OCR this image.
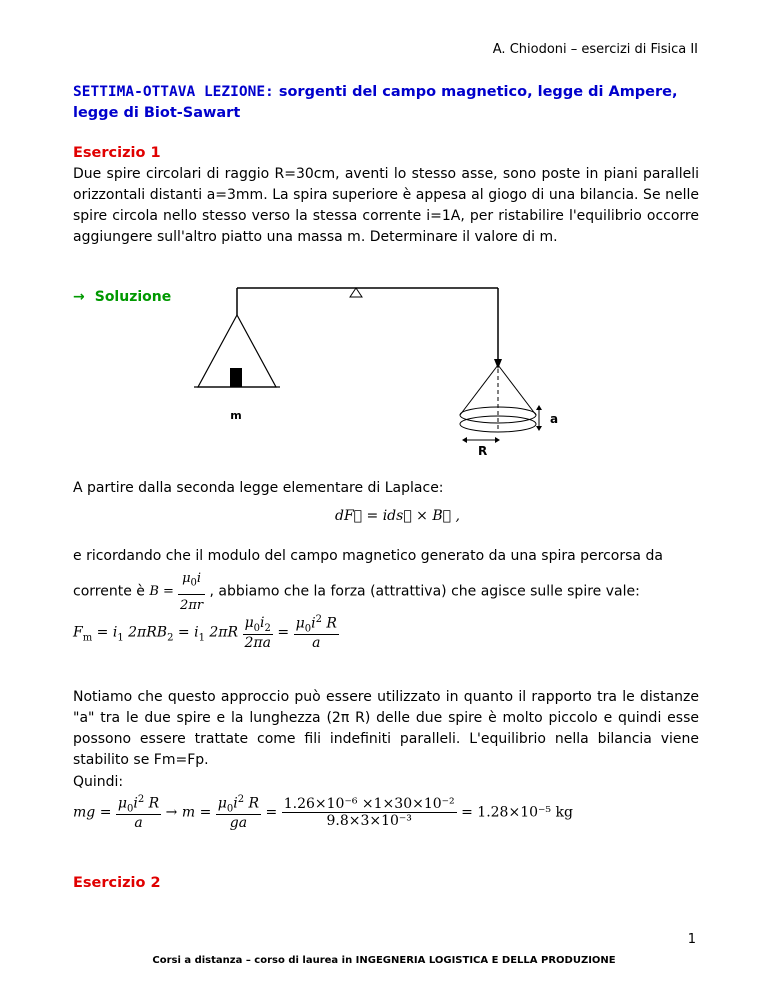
A. Chiodoni – esercizi di Fisica II
SETTIMA-OTTAVA LEZIONE: sorgenti del campo magnetico, legge di Ampere, legge di Biot-Sawart
Esercizio 1
Due spire circolari di raggio R=30cm, aventi lo stesso asse, sono poste in piani paralleli orizzontali distanti a=3mm. La spira superiore è appesa al giogo di una bilancia. Se nelle spire circola nello stesso verso la stessa corrente i=1A, per ristabilire l'equilibrio occorre aggiungere sull'altro piatto una massa m. Determinare il valore di m.
→ Soluzione
m	a
R
A partire dalla seconda legge elementare di Laplace:
dF⃗ = ids⃗ × B⃗ ,
e ricordando che il modulo del campo magnetico generato da una spira percorsa da
corrente è $B = \frac{\mu_0i}{2\pi r}$ , abbiamo che la forza (attrattiva) che agisce sulle spire vale:
$F_m = i_1$ $2\pi RB_2 = i_1$ $2\pi R \frac{\mu_0i_2}{2\pi a} = \frac{\mu_0i^2 R}{a}$
Notiamo che questo approccio può essere utilizzato in quanto il rapporto tra le distanze "a" tra le due spire e la lunghezza (2π R) delle due spire è molto piccolo e quindi esse possono essere trattate come fili indefiniti paralleli. L'equilibrio nella bilancia viene stabilito se Fm=Fp.
Quindi:
mg = $\frac{\mu_0i^2 R}{a} \to m = \frac{\mu_0i^2 R}{ga} = \frac{\text{1.26×10⁻⁶ ×1×30×10⁻²}}{\text{9.8×3×10⁻³}} = 1.28\times 10^{-5}$ kg
Esercizio 2
1
Corsi a distanza – corso di laurea in INGEGNERIA LOGISTICA E DELLA PRODUZIONE
